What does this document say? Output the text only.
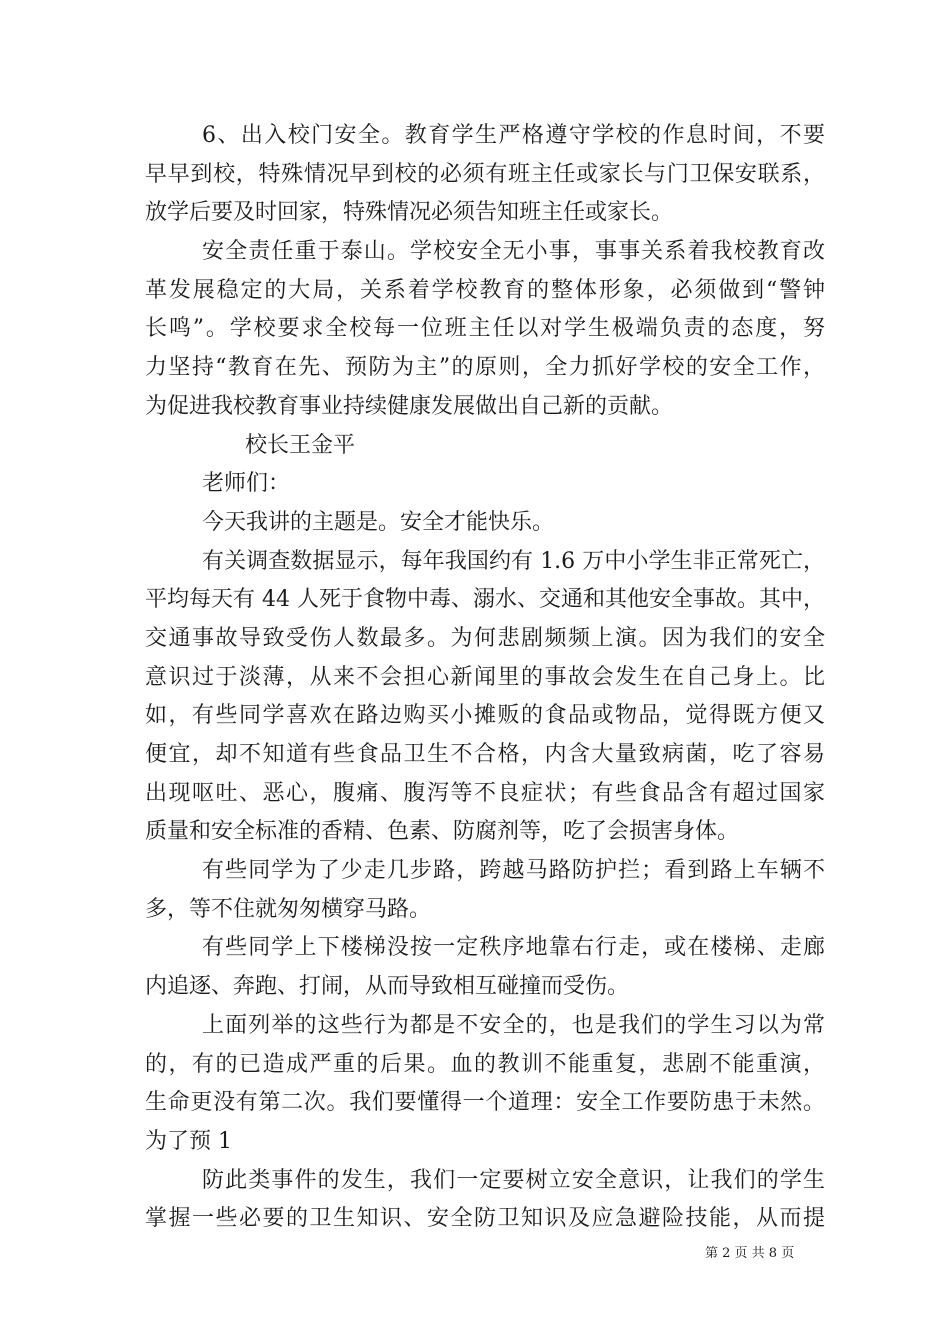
6、出入校门安全。教育学生严格遵守学校的作息时间，不要
早早到校，特殊情况早到校的必须有班主任或家长与门卫保安联系，
放学后要及时回家，特殊情况必须告知班主任或家长。
安全责任重于泰山。学校安全无小事，事事关系着我校教育改
革发展稳定的大局，关系着学校教育的整体形象，必须做到“警钟
长鸣”。学校要求全校每一位班主任以对学生极端负责的态度，努
力坚持“教育在先、预防为主”的原则，全力抓好学校的安全工作，
为促进我校教育事业持续健康发展做出自己新的贡献。
校长王金平
老师们：
今天我讲的主题是。安全才能快乐。
有关调查数据显示，每年我国约有 1.6 万中小学生非正常死亡，
平均每天有 44 人死于食物中毒、溺水、交通和其他安全事故。其中，
交通事故导致受伤人数最多。为何悲剧频频上演。因为我们的安全
意识过于淡薄，从来不会担心新闻里的事故会发生在自己身上。比
如，有些同学喜欢在路边购买小摊贩的食品或物品，觉得既方便又
便宜，却不知道有些食品卫生不合格，内含大量致病菌，吃了容易
出现呕吐、恶心，腹痛、腹泻等不良症状；有些食品含有超过国家
质量和安全标准的香精、色素、防腐剂等，吃了会损害身体。
有些同学为了少走几步路，跨越马路防护拦；看到路上车辆不
多，等不住就匆匆横穿马路。
有些同学上下楼梯没按一定秩序地靠右行走，或在楼梯、走廊
内追逐、奔跑、打闹，从而导致相互碰撞而受伤。
上面列举的这些行为都是不安全的，也是我们的学生习以为常
的，有的已造成严重的后果。血的教训不能重复，悲剧不能重演，
生命更没有第二次。我们要懂得一个道理：安全工作要防患于未然。
为了预 1
防此类事件的发生，我们一定要树立安全意识，让我们的学生
掌握一些必要的卫生知识、安全防卫知识及应急避险技能，从而提
第 2 页 共 8 页
